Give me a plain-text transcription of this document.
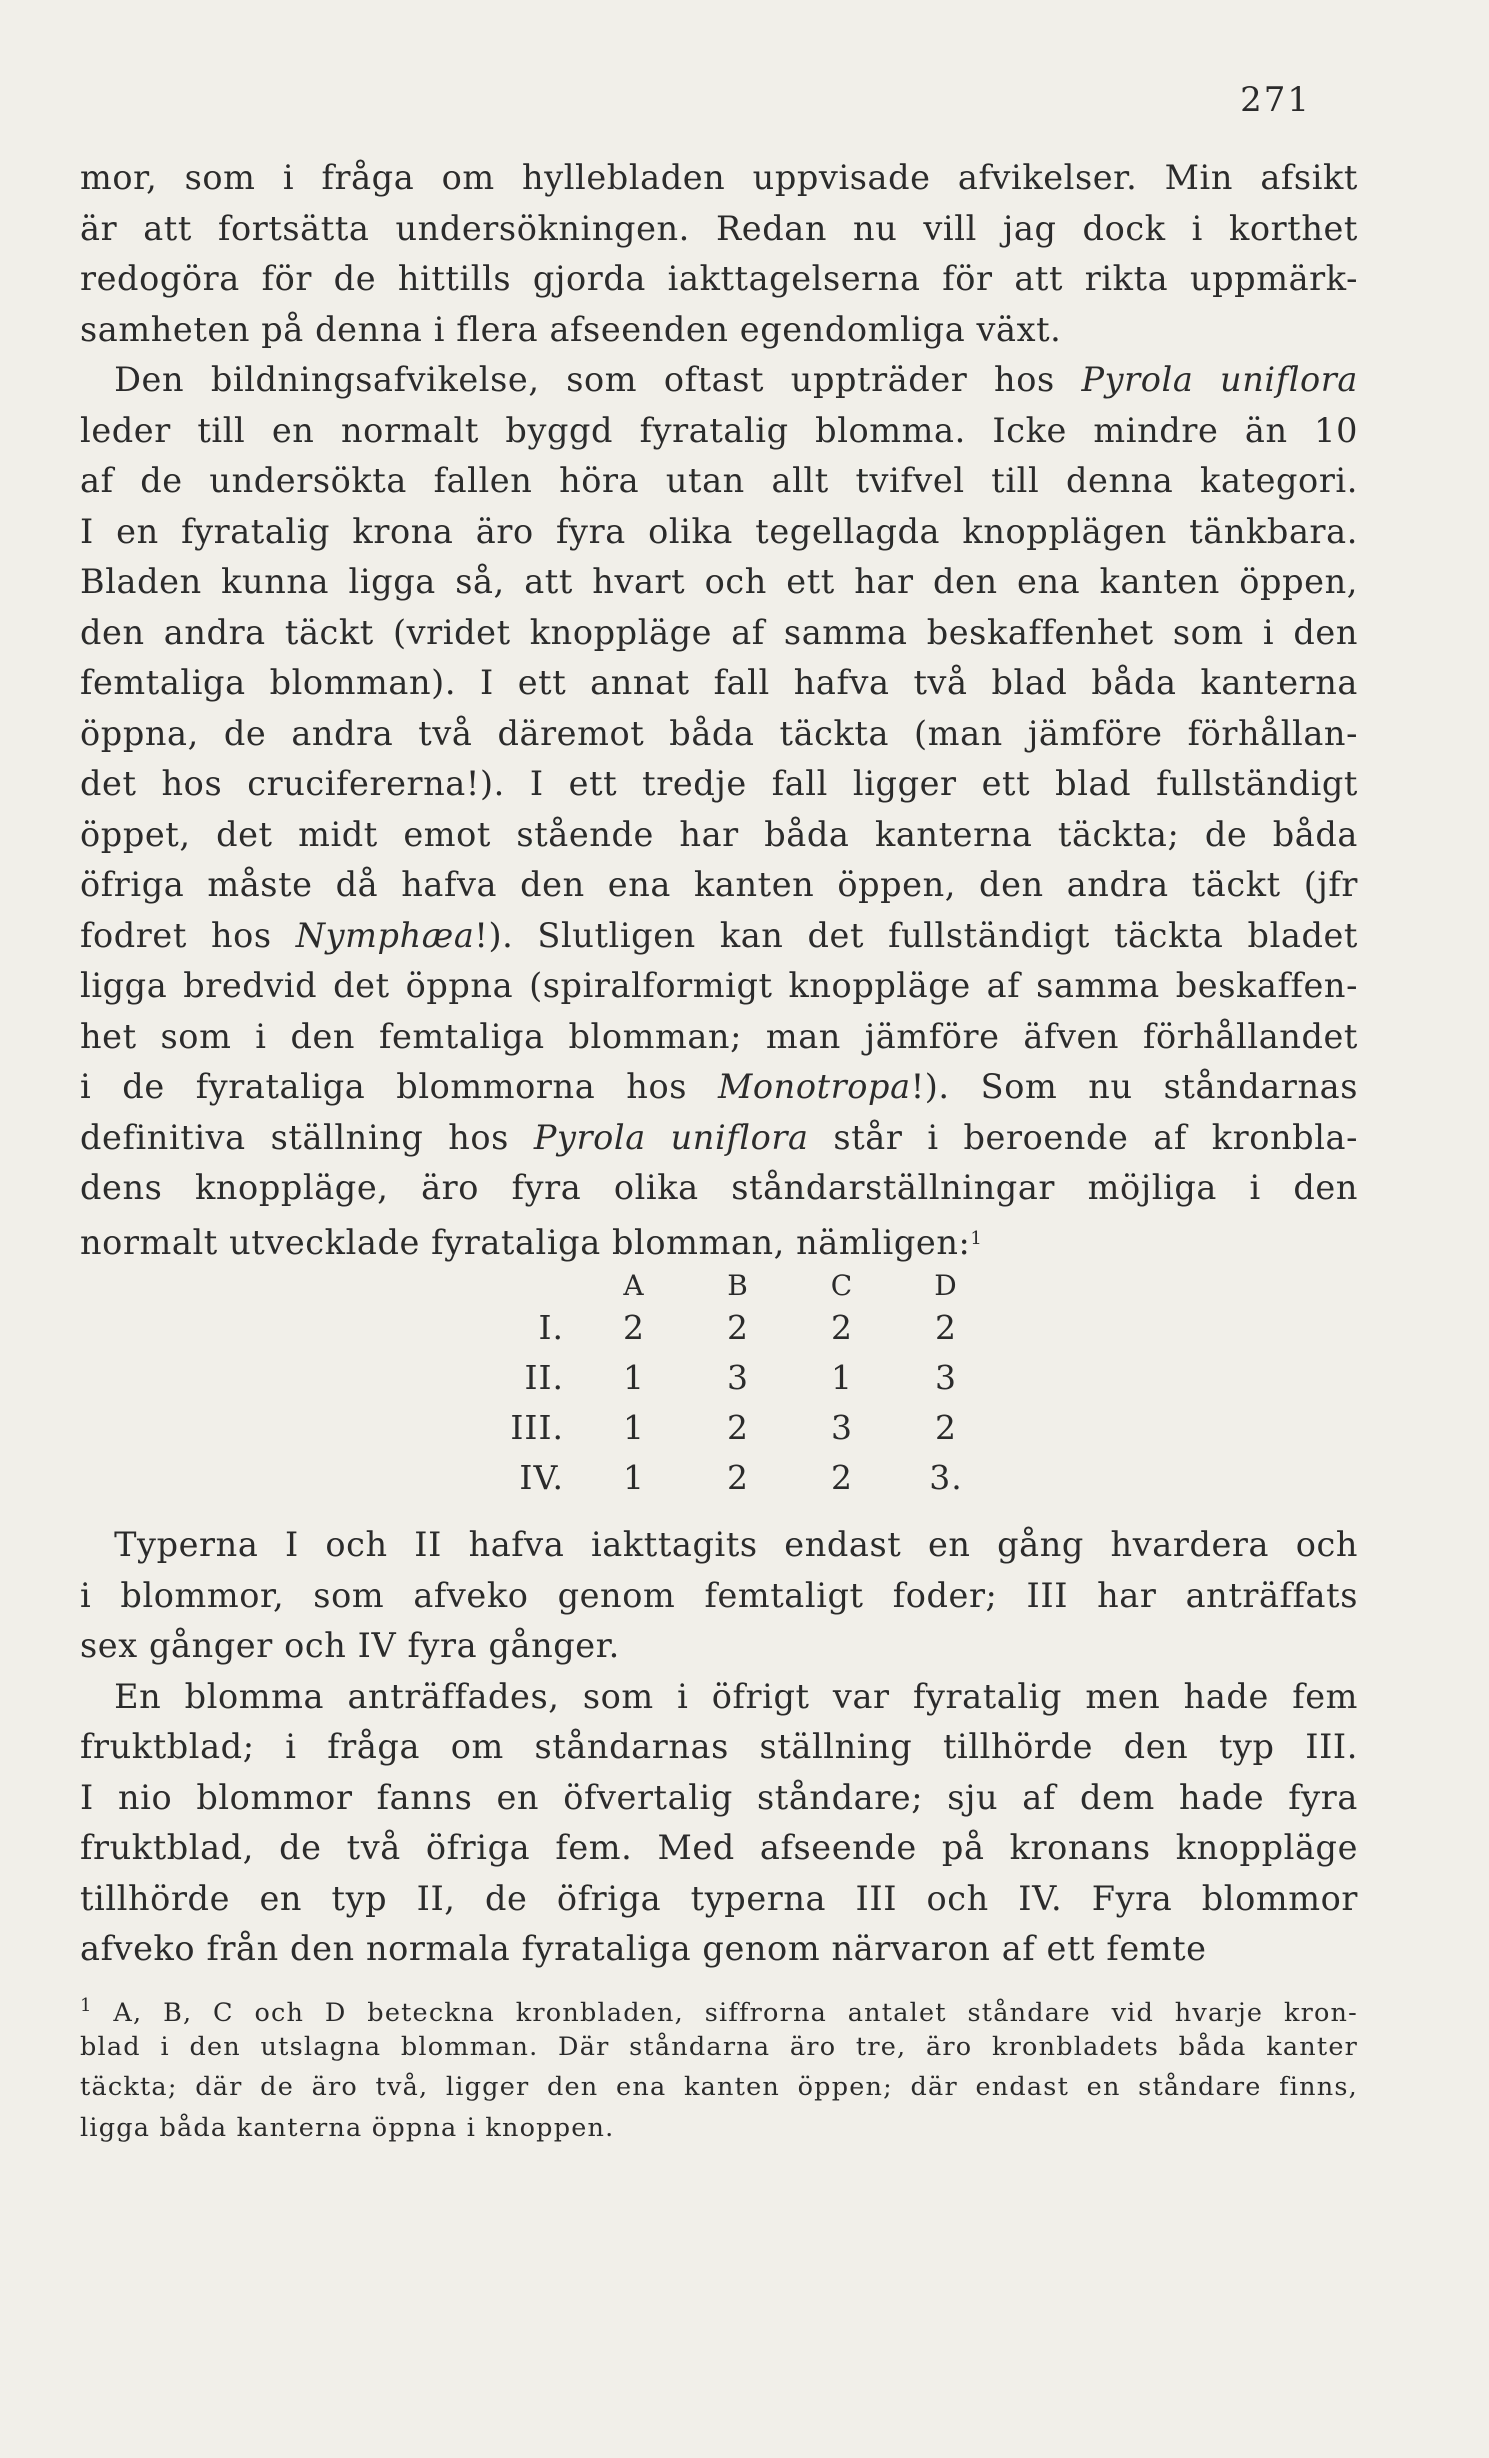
271
mor, som i fråga om hyllebladen uppvisade afvikelser. Min afsikt
är att fortsätta undersökningen. Redan nu vill jag dock i korthet
redogöra för de hittills gjorda iakttagelserna för att rikta uppmärk-
samheten på denna i flera afseenden egendomliga växt.
 Den bildningsafvikelse, som oftast uppträder hos Pyrola uniflora
leder till en normalt byggd fyratalig blomma. Icke mindre än 10
af de undersökta fallen höra utan allt tvifvel till denna kategori.
I en fyratalig krona äro fyra olika tegellagda knopplägen tänkbara.
Bladen kunna ligga så, att hvart och ett har den ena kanten öppen,
den andra täckt (vridet knoppläge af samma beskaffenhet som i den
femtaliga blomman). I ett annat fall hafva två blad båda kanterna
öppna, de andra två däremot båda täckta (man jämföre förhållan-
det hos crucifererna!). I ett tredje fall ligger ett blad fullständigt
öppet, det midt emot stående har båda kanterna täckta; de båda
öfriga måste då hafva den ena kanten öppen, den andra täckt (jfr
fodret hos Nymphæa!). Slutligen kan det fullständigt täckta bladet
ligga bredvid det öppna (spiralformigt knoppläge af samma beskaffen-
het som i den femtaliga blomman; man jämföre äfven förhållandet
i de fyrataliga blommorna hos Monotropa!). Som nu ståndarnas
definitiva ställning hos Pyrola uniflora står i beroende af kronbla-
dens knoppläge, äro fyra olika ståndarställningar möjliga i den
normalt utvecklade fyrataliga blomman, nämligen:$^1$
	A	B	C	D
I.	2	2	2	2
II.	1	3	1	3
III.	1	2	3	2
IV.	1	2	2	3.
 Typerna I och II hafva iakttagits endast en gång hvardera och
i blommor, som afveko genom femtaligt foder; III har anträffats
sex gånger och IV fyra gånger.
 En blomma anträffades, som i öfrigt var fyratalig men hade fem
fruktblad; i fråga om ståndarnas ställning tillhörde den typ III.
I nio blommor fanns en öfvertalig ståndare; sju af dem hade fyra
fruktblad, de två öfriga fem. Med afseende på kronans knoppläge
tillhörde en typ II, de öfriga typerna III och IV. Fyra blommor
afveko från den normala fyrataliga genom närvaron af ett femte
$^1$ A, B, C och D beteckna kronbladen, siffrorna antalet ståndare vid hvarje kron-
blad i den utslagna blomman. Där ståndarna äro tre, äro kronbladets båda kanter
täckta; där de äro två, ligger den ena kanten öppen; där endast en ståndare finns,
ligga båda kanterna öppna i knoppen.
